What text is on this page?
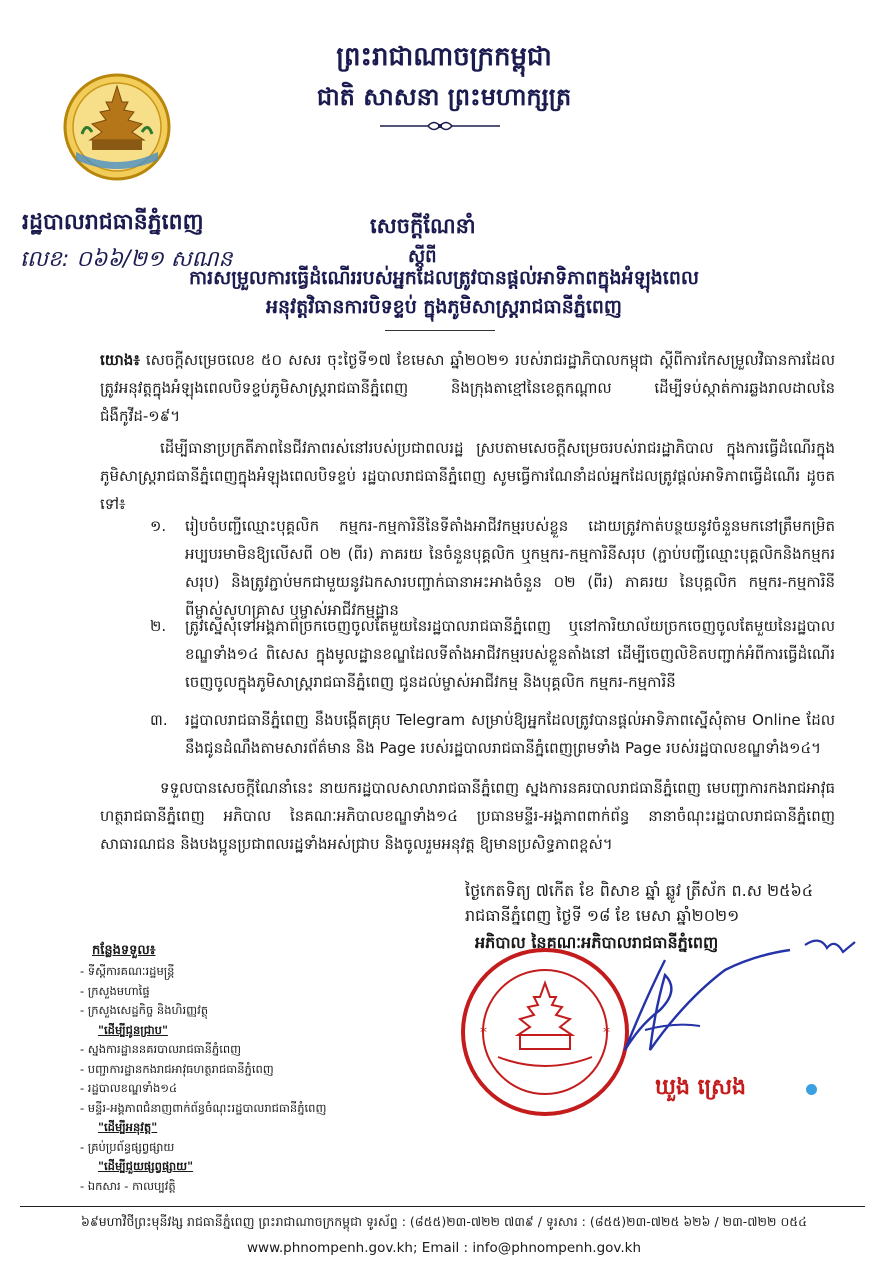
ព្រះរាជាណាចក្រកម្ពុជា
ជាតិ សាសនា ព្រះមហាក្សត្រ
រដ្ឋបាលរាជធានីភ្នំពេញ
លេខ: ០៦៦/២១ សណន
សេចក្តីណែនាំ
ស្តីពី
ការសម្រួលការធ្វើដំណើររបស់អ្នកដែលត្រូវបានផ្តល់អាទិភាពក្នុងអំឡុងពេល
អនុវត្តវិធានការបិទខ្ទប់ ក្នុងភូមិសាស្ត្ររាជធានីភ្នំពេញ
យោង៖ សេចក្តីសម្រេចលេខ ៥០ សសរ ចុះថ្ងៃទី១៧ ខែមេសា ឆ្នាំ២០២១ របស់រាជរដ្ឋាភិបាលកម្ពុជា ស្តីពីការកែសម្រួលវិធានការដែលត្រូវអនុវត្តក្នុងអំឡុងពេលបិទខ្ទប់ភូមិសាស្ត្ររាជធានីភ្នំពេញ និងក្រុងតាខ្មៅនៃខេត្តកណ្តាល ដើម្បីទប់ស្កាត់ការឆ្លងរាលដាលនៃជំងឺកូវីដ-១៩។
ដើម្បីធានាប្រក្រតីភាពនៃជីវភាពរស់នៅរបស់ប្រជាពលរដ្ឋ ស្របតាមសេចក្តីសម្រេចរបស់រាជរដ្ឋាភិបាល ក្នុងការធ្វើដំណើរក្នុងភូមិសាស្ត្ររាជធានីភ្នំពេញក្នុងអំឡុងពេលបិទខ្ទប់ រដ្ឋបាលរាជធានីភ្នំពេញ សូមធ្វើការណែនាំដល់អ្នកដែលត្រូវផ្តល់អាទិភាពធ្វើដំណើរ ដូចតទៅ៖
១.	រៀបចំបញ្ជីឈ្មោះបុគ្គលិក កម្មករ-កម្មការិនីនៃទីតាំងអាជីវកម្មរបស់ខ្លួន ដោយត្រូវកាត់បន្ថយនូវចំនួនមកនៅត្រឹមកម្រិតអប្បបរមាមិនឱ្យលើសពី ០២ (ពីរ) ភាគរយ នៃចំនួនបុគ្គលិក ឬកម្មករ-កម្មការិនីសរុប (ភ្ជាប់បញ្ជីឈ្មោះបុគ្គលិកនិងកម្មករសរុប) និងត្រូវភ្ជាប់មកជាមួយនូវឯកសារបញ្ជាក់ធានាអះអាងចំនួន ០២ (ពីរ) ភាគរយ នៃបុគ្គលិក កម្មករ-កម្មការិនី ពីម្ចាស់សហគ្រាស ឬម្ចាស់អាជីវកម្មដ្ឋាន
២.	ត្រូវស្នើសុំទៅអង្គភាពច្រកចេញចូលតែមួយនៃរដ្ឋបាលរាជធានីភ្នំពេញ ឬនៅការិយាល័យច្រកចេញចូលតែមួយនៃរដ្ឋបាលខណ្ឌទាំង១៤ ពិសេស ក្នុងមូលដ្ឋានខណ្ឌដែលទីតាំងអាជីវកម្មរបស់ខ្លួនតាំងនៅ ដើម្បីចេញលិខិតបញ្ជាក់អំពីការធ្វើដំណើរចេញចូលក្នុងភូមិសាស្ត្ររាជធានីភ្នំពេញ ជូនដល់ម្ចាស់អាជីវកម្ម និងបុគ្គលិក កម្មករ-កម្មការិនី
៣.	រដ្ឋបាលរាជធានីភ្នំពេញ នឹងបង្កើតគ្រុប Telegram សម្រាប់ឱ្យអ្នកដែលត្រូវបានផ្តល់អាទិភាពស្នើសុំតាម Online ដែលនឹងជូនដំណឹងតាមសារព័ត៌មាន និង Page របស់រដ្ឋបាលរាជធានីភ្នំពេញព្រមទាំង Page របស់រដ្ឋបាលខណ្ឌទាំង១៤។
ទទួលបានសេចក្តីណែនាំនេះ នាយករដ្ឋបាលសាលារាជធានីភ្នំពេញ ស្នងការនគរបាលរាជធានីភ្នំពេញ មេបញ្ជាការកងរាជអាវុធហត្ថរាជធានីភ្នំពេញ អភិបាល នៃគណៈអភិបាលខណ្ឌទាំង១៤ ប្រធានមន្ទីរ-អង្គភាពពាក់ព័ន្ធ នានាចំណុះរដ្ឋបាលរាជធានីភ្នំពេញ សាធារណជន និងបងប្អូនប្រជាពលរដ្ឋទាំងអស់ជ្រាប និងចូលរួមអនុវត្ត ឱ្យមានប្រសិទ្ធភាពខ្ពស់។
ថ្ងៃកេតទិត្យ ៧កើត ខែ ពិសាខ ឆ្នាំ ឆ្លូវ ត្រីស័ក ព.ស ២៥៦៤
រាជធានីភ្នំពេញ ថ្ងៃទី ១៨ ខែ មេសា ឆ្នាំ២០២១
អភិបាល នៃគណៈអភិបាលរាជធានីភ្នំពេញ
*	*
ឃួង ស្រេង
កន្លែងទទួល៖
- ទីស្តីការគណៈរដ្ឋមន្ត្រី
- ក្រសួងមហាផ្ទៃ
- ក្រសួងសេដ្ឋកិច្ច និងហិរញ្ញវត្ថុ
"ដើម្បីជូនជ្រាប"
- ស្នងការដ្ឋាននគរបាលរាជធានីភ្នំពេញ
- បញ្ជាការដ្ឋានកងរាជអាវុធហត្ថរាជធានីភ្នំពេញ
- រដ្ឋបាលខណ្ឌទាំង១៤
- មន្ទីរ-អង្គភាពជំនាញពាក់ព័ន្ធចំណុះរដ្ឋបាលរាជធានីភ្នំពេញ
"ដើម្បីអនុវត្ត"
- គ្រប់ប្រព័ន្ធផ្សព្វផ្សាយ
"ដើម្បីជួយផ្សព្វផ្សាយ"
- ឯកសារ - កាលប្បវត្តិ
៦៩មហាវិថីព្រះមុនីវង្ស រាជធានីភ្នំពេញ ព្រះរាជាណាចក្រកម្ពុជា ទូរស័ព្ទ : (៨៥៥)២៣-៧២២ ៧៣៩ / ទូរសារ : (៨៥៥)២៣-៧២៥ ៦២៦ / ២៣-៧២២ ០៥៤
www.phnompenh.gov.kh; Email : info@phnompenh.gov.kh
